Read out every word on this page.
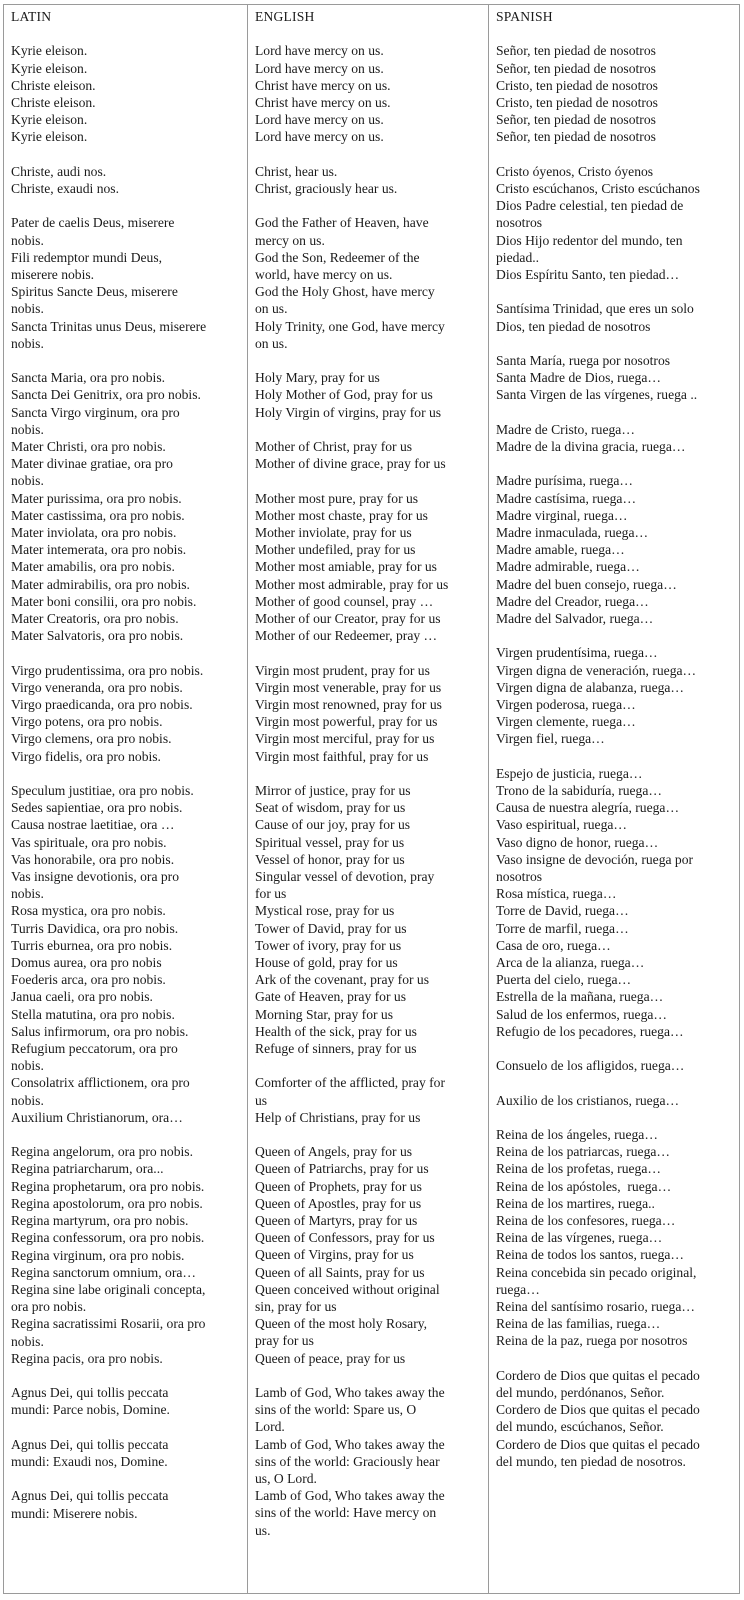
LATIN
Kyrie eleison.
Kyrie eleison.
Christe eleison.
Christe eleison.
Kyrie eleison.
Kyrie eleison.
Christe, audi nos.
Christe, exaudi nos.
Pater de caelis Deus, miserere
nobis.
Fili redemptor mundi Deus,
miserere nobis.
Spiritus Sancte Deus, miserere
nobis.
Sancta Trinitas unus Deus, miserere
nobis.
Sancta Maria, ora pro nobis.
Sancta Dei Genitrix, ora pro nobis.
Sancta Virgo virginum, ora pro
nobis.
Mater Christi, ora pro nobis.
Mater divinae gratiae, ora pro
nobis.
Mater purissima, ora pro nobis.
Mater castissima, ora pro nobis.
Mater inviolata, ora pro nobis.
Mater intemerata, ora pro nobis.
Mater amabilis, ora pro nobis.
Mater admirabilis, ora pro nobis.
Mater boni consilii, ora pro nobis.
Mater Creatoris, ora pro nobis.
Mater Salvatoris, ora pro nobis.
Virgo prudentissima, ora pro nobis.
Virgo veneranda, ora pro nobis.
Virgo praedicanda, ora pro nobis.
Virgo potens, ora pro nobis.
Virgo clemens, ora pro nobis.
Virgo fidelis, ora pro nobis.
Speculum justitiae, ora pro nobis.
Sedes sapientiae, ora pro nobis.
Causa nostrae laetitiae, ora …
Vas spirituale, ora pro nobis.
Vas honorabile, ora pro nobis.
Vas insigne devotionis, ora pro
nobis.
Rosa mystica, ora pro nobis.
Turris Davidica, ora pro nobis.
Turris eburnea, ora pro nobis.
Domus aurea, ora pro nobis
Foederis arca, ora pro nobis.
Janua caeli, ora pro nobis.
Stella matutina, ora pro nobis.
Salus infirmorum, ora pro nobis.
Refugium peccatorum, ora pro
nobis.
Consolatrix afflictionem, ora pro
nobis.
Auxilium Christianorum, ora…
Regina angelorum, ora pro nobis.
Regina patriarcharum, ora...
Regina prophetarum, ora pro nobis.
Regina apostolorum, ora pro nobis.
Regina martyrum, ora pro nobis.
Regina confessorum, ora pro nobis.
Regina virginum, ora pro nobis.
Regina sanctorum omnium, ora…
Regina sine labe originali concepta,
ora pro nobis.
Regina sacratissimi Rosarii, ora pro
nobis.
Regina pacis, ora pro nobis.
Agnus Dei, qui tollis peccata
mundi: Parce nobis, Domine.
Agnus Dei, qui tollis peccata
mundi: Exaudi nos, Domine.
Agnus Dei, qui tollis peccata
mundi: Miserere nobis.
ENGLISH
Lord have mercy on us.
Lord have mercy on us.
Christ have mercy on us.
Christ have mercy on us.
Lord have mercy on us.
Lord have mercy on us.
Christ, hear us.
Christ, graciously hear us.
God the Father of Heaven, have
mercy on us.
God the Son, Redeemer of the
world, have mercy on us.
God the Holy Ghost, have mercy
on us.
Holy Trinity, one God, have mercy
on us.
Holy Mary, pray for us
Holy Mother of God, pray for us
Holy Virgin of virgins, pray for us
Mother of Christ, pray for us
Mother of divine grace, pray for us
Mother most pure, pray for us
Mother most chaste, pray for us
Mother inviolate, pray for us
Mother undefiled, pray for us
Mother most amiable, pray for us
Mother most admirable, pray for us
Mother of good counsel, pray …
Mother of our Creator, pray for us
Mother of our Redeemer, pray …
Virgin most prudent, pray for us
Virgin most venerable, pray for us
Virgin most renowned, pray for us
Virgin most powerful, pray for us
Virgin most merciful, pray for us
Virgin most faithful, pray for us
Mirror of justice, pray for us
Seat of wisdom, pray for us
Cause of our joy, pray for us
Spiritual vessel, pray for us
Vessel of honor, pray for us
Singular vessel of devotion, pray
for us
Mystical rose, pray for us
Tower of David, pray for us
Tower of ivory, pray for us
House of gold, pray for us
Ark of the covenant, pray for us
Gate of Heaven, pray for us
Morning Star, pray for us
Health of the sick, pray for us
Refuge of sinners, pray for us
Comforter of the afflicted, pray for
us
Help of Christians, pray for us
Queen of Angels, pray for us
Queen of Patriarchs, pray for us
Queen of Prophets, pray for us
Queen of Apostles, pray for us
Queen of Martyrs, pray for us
Queen of Confessors, pray for us
Queen of Virgins, pray for us
Queen of all Saints, pray for us
Queen conceived without original
sin, pray for us
Queen of the most holy Rosary,
pray for us
Queen of peace, pray for us
Lamb of God, Who takes away the
sins of the world: Spare us, O
Lord.
Lamb of God, Who takes away the
sins of the world: Graciously hear
us, O Lord.
Lamb of God, Who takes away the
sins of the world: Have mercy on
us.
SPANISH
Señor, ten piedad de nosotros
Señor, ten piedad de nosotros
Cristo, ten piedad de nosotros
Cristo, ten piedad de nosotros
Señor, ten piedad de nosotros
Señor, ten piedad de nosotros
Cristo óyenos, Cristo óyenos
Cristo escúchanos, Cristo escúchanos
Dios Padre celestial, ten piedad de
nosotros
Dios Hijo redentor del mundo, ten
piedad..
Dios Espíritu Santo, ten piedad…
Santísima Trinidad, que eres un solo
Dios, ten piedad de nosotros
Santa María, ruega por nosotros
Santa Madre de Dios, ruega…
Santa Virgen de las vírgenes, ruega ..
Madre de Cristo, ruega…
Madre de la divina gracia, ruega…
Madre purísima, ruega…
Madre castísima, ruega…
Madre virginal, ruega…
Madre inmaculada, ruega…
Madre amable, ruega…
Madre admirable, ruega…
Madre del buen consejo, ruega…
Madre del Creador, ruega…
Madre del Salvador, ruega…
Virgen prudentísima, ruega…
Virgen digna de veneración, ruega…
Virgen digna de alabanza, ruega…
Virgen poderosa, ruega…
Virgen clemente, ruega…
Virgen fiel, ruega…
Espejo de justicia, ruega…
Trono de la sabiduría, ruega…
Causa de nuestra alegría, ruega…
Vaso espiritual, ruega…
Vaso digno de honor, ruega…
Vaso insigne de devoción, ruega por
nosotros
Rosa mística, ruega…
Torre de David, ruega…
Torre de marfil, ruega…
Casa de oro, ruega…
Arca de la alianza, ruega…
Puerta del cielo, ruega…
Estrella de la mañana, ruega…
Salud de los enfermos, ruega…
Refugio de los pecadores, ruega…
Consuelo de los afligidos, ruega…
Auxilio de los cristianos, ruega…
Reina de los ángeles, ruega…
Reina de los patriarcas, ruega…
Reina de los profetas, ruega…
Reina de los apóstoles,  ruega…
Reina de los martires, ruega..
Reina de los confesores, ruega…
Reina de las vírgenes, ruega…
Reina de todos los santos, ruega…
Reina concebida sin pecado original,
ruega…
Reina del santísimo rosario, ruega…
Reina de las familias, ruega…
Reina de la paz, ruega por nosotros
Cordero de Dios que quitas el pecado
del mundo, perdónanos, Señor.
Cordero de Dios que quitas el pecado
del mundo, escúchanos, Señor.
Cordero de Dios que quitas el pecado
del mundo, ten piedad de nosotros.
